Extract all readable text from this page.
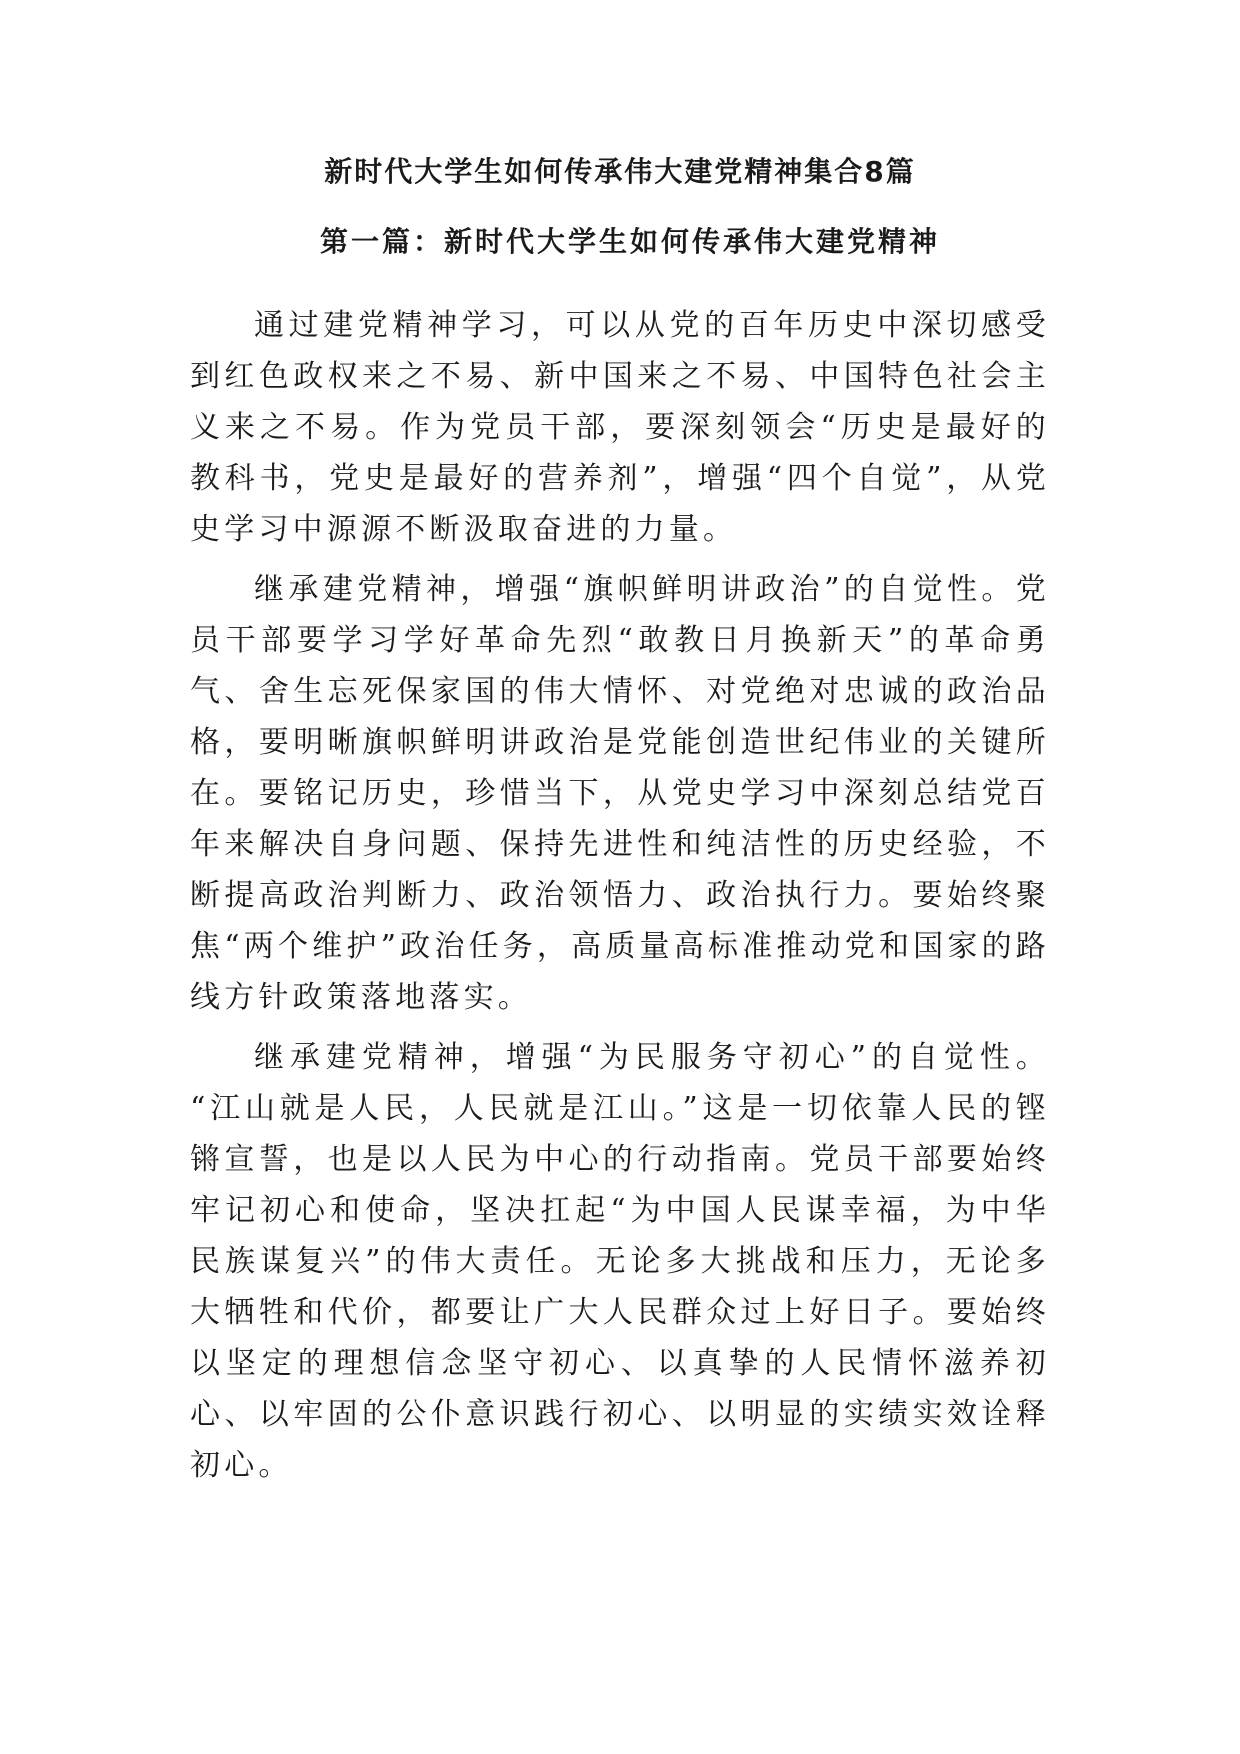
新时代大学生如何传承伟大建党精神集合8篇
第一篇：新时代大学生如何传承伟大建党精神

通过建党精神学习，可以从党的百年历史中深切感受到红色政权来之不易、新中国来之不易、中国特色社会主义来之不易。作为党员干部，要深刻领会“历史是最好的教科书，党史是最好的营养剂”，增强“四个自觉”，从党史学习中源源不断汲取奋进的力量。

继承建党精神，增强“旗帜鲜明讲政治”的自觉性。党员干部要学习学好革命先烈“敢教日月换新天”的革命勇气、舍生忘死保家国的伟大情怀、对党绝对忠诚的政治品格，要明晰旗帜鲜明讲政治是党能创造世纪伟业的关键所在。要铭记历史，珍惜当下，从党史学习中深刻总结党百年来解决自身问题、保持先进性和纯洁性的历史经验，不断提高政治判断力、政治领悟力、政治执行力。要始终聚焦“两个维护”政治任务，高质量高标准推动党和国家的路线方针政策落地落实。

继承建党精神，增强“为民服务守初心”的自觉性。 “江山就是人民，人民就是江山。”这是一切依靠人民的铿锵宣誓，也是以人民为中心的行动指南。党员干部要始终牢记初心和使命，坚决扛起“为中国人民谋幸福，为中华民族谋复兴”的伟大责任。无论多大挑战和压力，无论多大牺牲和代价，都要让广大人民群众过上好日子。要始终以坚定的理想信念坚守初心、以真挚的人民情怀滋养初心、以牢固的公仆意识践行初心、以明显的实绩实效诠释初心。
